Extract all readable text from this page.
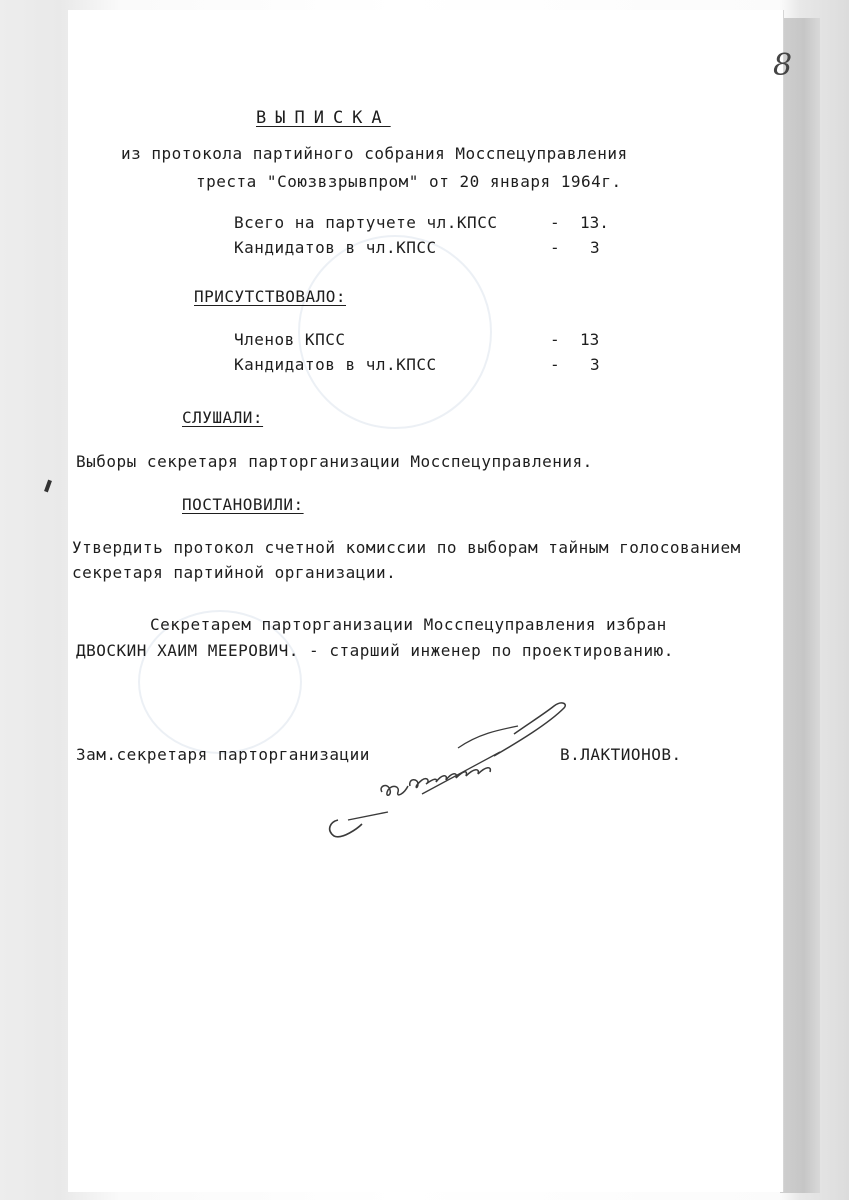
8
ВЫПИСКА
из протокола партийного собрания Мосспецуправления
треста "Союзвзрывпром" от 20 января 1964г.
Всего на партучете чл.КПСС	- 13.
Кандидатов в чл.КПСС	- 3
ПРИСУТСТВОВАЛО:
Членов КПСС	- 13
Кандидатов в чл.КПСС	- 3
СЛУШАЛИ:
Выборы секретаря парторганизации Мосспецуправления.
ПОСТАНОВИЛИ:
Утвердить протокол счетной комиссии по выборам тайным голосованием
секретаря партийной организации.
Секретарем парторганизации Мосспецуправления избран
ДВОСКИН ХАИМ МЕЕРОВИЧ. - старший инженер по проектированию.
Зам.секретаря парторганизации	В.ЛАКТИОНОВ.
